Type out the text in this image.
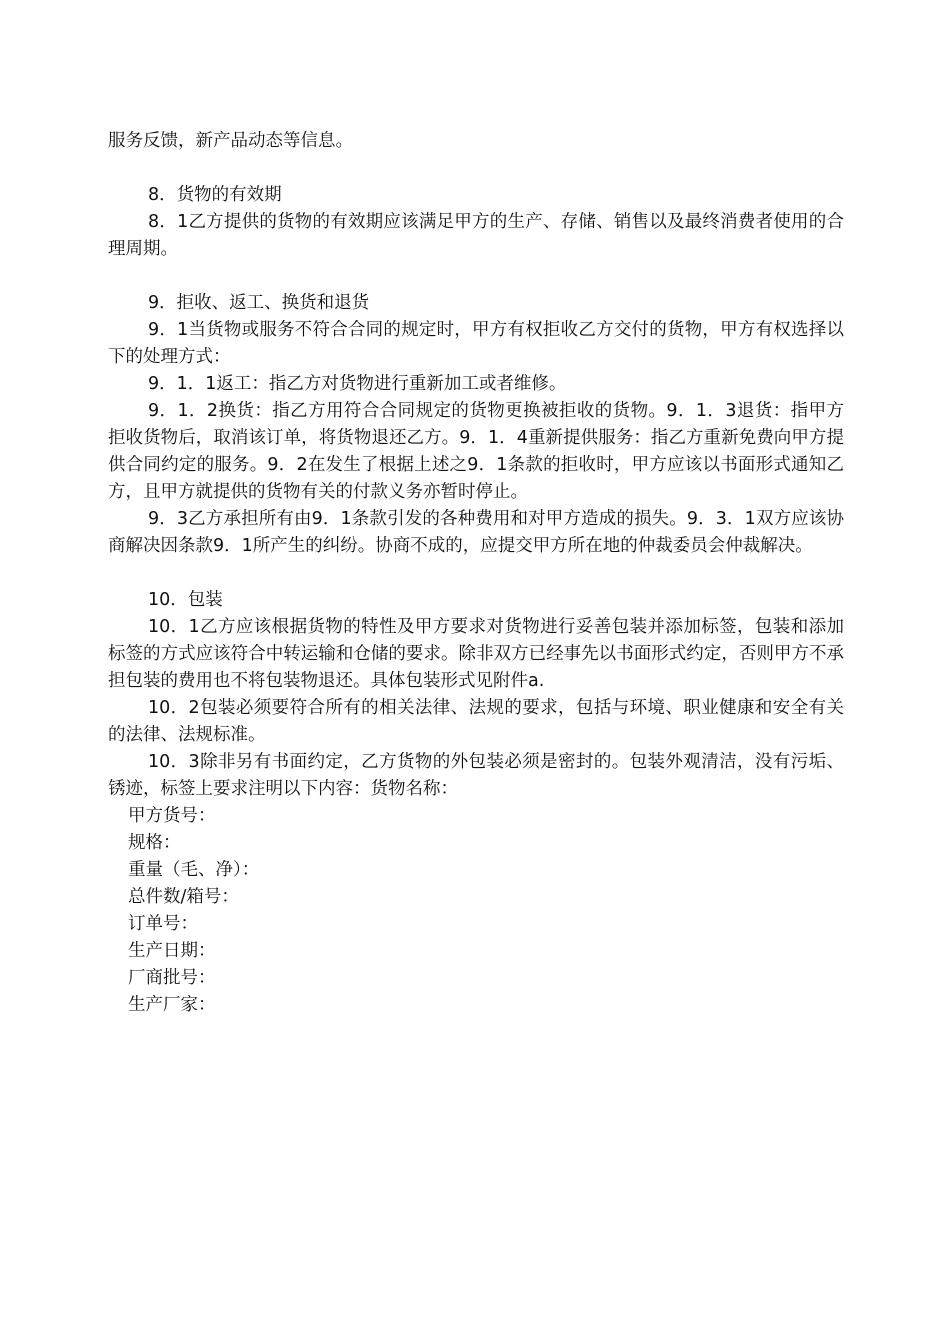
服务反馈，新产品动态等信息。

8．货物的有效期

8．1乙方提供的货物的有效期应该满足甲方的生产、存储、销售以及最终消费者使用的合理周期。

9．拒收、返工、换货和退货

9．1当货物或服务不符合合同的规定时，甲方有权拒收乙方交付的货物，甲方有权选择以下的处理方式：

9．1．1返工：指乙方对货物进行重新加工或者维修。

9．1．2换货：指乙方用符合合同规定的货物更换被拒收的货物。9．1．3退货：指甲方拒收货物后，取消该订单，将货物退还乙方。9．1．4重新提供服务：指乙方重新免费向甲方提供合同约定的服务。9．2在发生了根据上述之9．1条款的拒收时，甲方应该以书面形式通知乙方，且甲方就提供的货物有关的付款义务亦暂时停止。

9．3乙方承担所有由9．1条款引发的各种费用和对甲方造成的损失。9．3．1双方应该协商解决因条款9．1所产生的纠纷。协商不成的，应提交甲方所在地的仲裁委员会仲裁解决。

10．包装

10．1乙方应该根据货物的特性及甲方要求对货物进行妥善包装并添加标签，包装和添加标签的方式应该符合中转运输和仓储的要求。除非双方已经事先以书面形式约定，否则甲方不承担包装的费用也不将包装物退还。具体包装形式见附件a.

10．2包装必须要符合所有的相关法律、法规的要求，包括与环境、职业健康和安全有关的法律、法规标准。

10．3除非另有书面约定，乙方货物的外包装必须是密封的。包装外观清洁，没有污垢、锈迹，标签上要求注明以下内容：货物名称：

甲方货号：

规格：

重量（毛、净）：

总件数/箱号：

订单号：

生产日期：

厂商批号：

生产厂家：
